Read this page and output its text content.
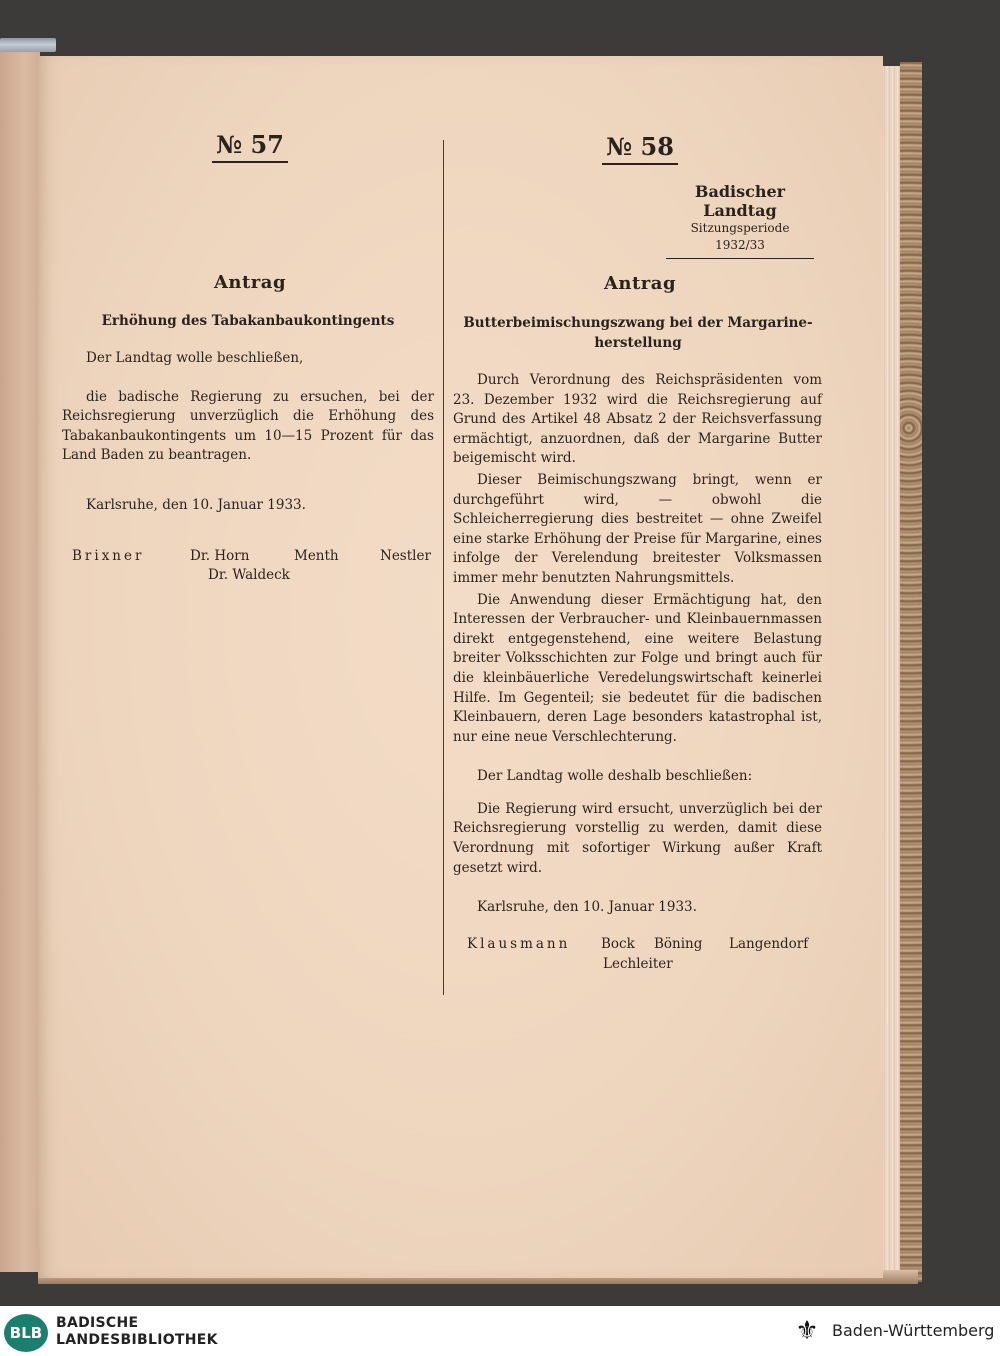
№ 57
Antrag
Erhöhung des Tabakanbaukontingents

Der Landtag wolle beschließen,

die badische Regierung zu ersuchen, bei der Reichsregierung unverzüglich die Erhöhung des Tabakanbaukontingents um 10—15 Prozent für das Land Baden zu beantragen.

Karlsruhe, den 10. Januar 1933.

Brixner	Dr. Horn	Menth	Nestler
Dr. Waldeck
№ 58
Badischer Landtag
Sitzungsperiode
1932/33
Antrag
Butterbeimischungszwang bei der Margarine-
herstellung

Durch Verordnung des Reichspräsidenten vom 23. Dezember 1932 wird die Reichsregierung auf Grund des Artikel 48 Absatz 2 der Reichsverfassung ermächtigt, anzuordnen, daß der Margarine Butter beigemischt wird.

Dieser Beimischungszwang bringt, wenn er durchgeführt wird, — obwohl die Schleicherregierung dies bestreitet — ohne Zweifel eine starke Erhöhung der Preise für Margarine, eines infolge der Verelendung breitester Volksmassen immer mehr benutzten Nahrungsmittels.

Die Anwendung dieser Ermächtigung hat, den Interessen der Verbraucher- und Kleinbauernmassen direkt entgegenstehend, eine weitere Belastung breiter Volksschichten zur Folge und bringt auch für die kleinbäuerliche Veredelungswirtschaft keinerlei Hilfe. Im Gegenteil; sie bedeutet für die badischen Kleinbauern, deren Lage besonders katastrophal ist, nur eine neue Verschlechterung.

Der Landtag wolle deshalb beschließen:

Die Regierung wird ersucht, unverzüglich bei der Reichsregierung vorstellig zu werden, damit diese Verordnung mit sofortiger Wirkung außer Kraft gesetzt wird.

Karlsruhe, den 10. Januar 1933.

Klausmann Bock Böning Langendorf
Lechleiter
BLB
BADISCHE
LANDESBIBLIOTHEK	⚜ Baden-Württemberg
